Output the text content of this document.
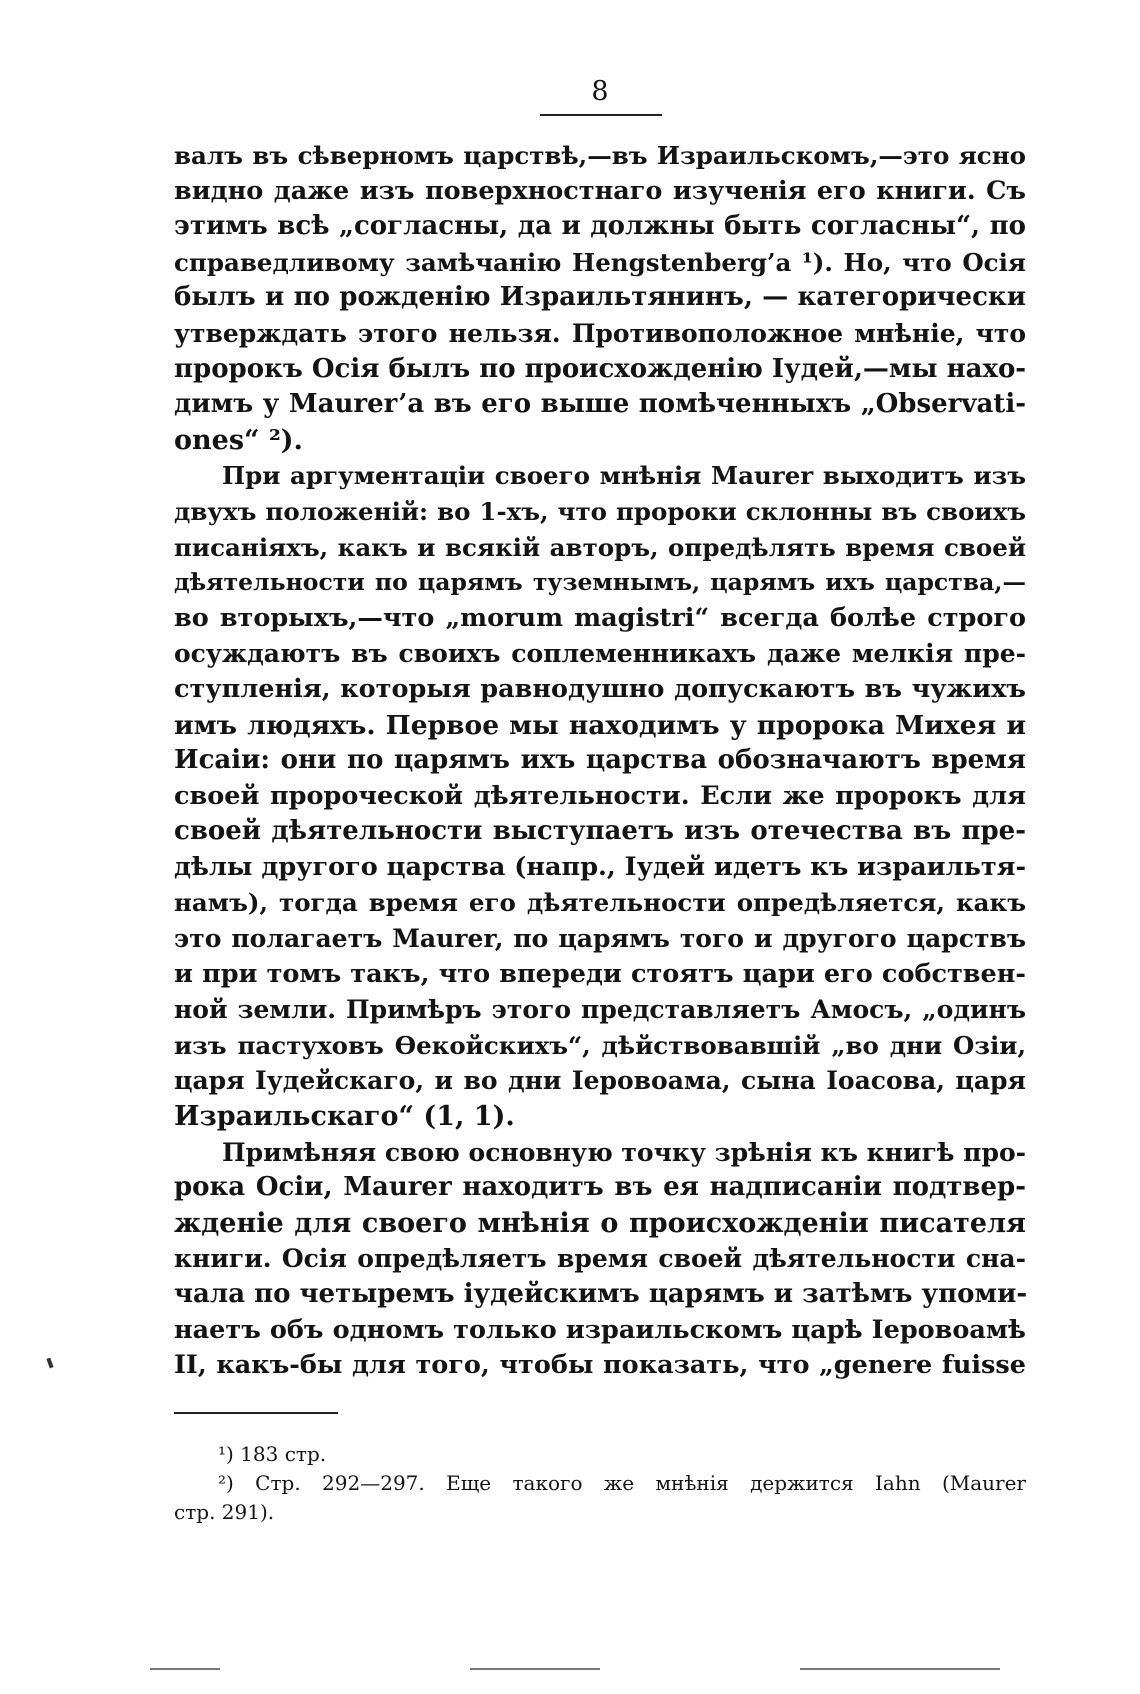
8
валъ въ сѣверномъ царствѣ,—въ Израильскомъ,—это ясно
видно даже изъ поверхностнаго изученія его книги. Съ
этимъ всѣ „согласны, да и должны быть согласны“, по
справедливому замѣчанію Hengstenberg’a ¹). Но, что Осія
былъ и по рожденію Израильтянинъ, — категорически
утверждать этого нельзя. Противоположное мнѣніе, что
пророкъ Осія былъ по происхожденію Іудей,—мы нахо-
димъ у Maurer’a въ его выше помѣченныхъ „Observati-
ones“ ²).
При аргументаціи своего мнѣнія Maurer выходитъ изъ
двухъ положеній: во 1-хъ, что пророки склонны въ своихъ
писаніяхъ, какъ и всякій авторъ, опредѣлять время своей
дѣятельности по царямъ туземнымъ, царямъ ихъ царства,—
во вторыхъ,—что „morum magistri“ всегда болѣе строго
осуждаютъ въ своихъ соплеменникахъ даже мелкія пре-
ступленія, которыя равнодушно допускаютъ въ чужихъ
имъ людяхъ. Первое мы находимъ у пророка Михея и
Исаіи: они по царямъ ихъ царства обозначаютъ время
своей пророческой дѣятельности. Если же пророкъ для
своей дѣятельности выступаетъ изъ отечества въ пре-
дѣлы другого царства (напр., Іудей идетъ къ израильтя-
намъ), тогда время его дѣятельности опредѣляется, какъ
это полагаетъ Maurer, по царямъ того и другого царствъ
и при томъ такъ, что впереди стоятъ цари его собствен-
ной земли. Примѣръ этого представляетъ Амосъ, „одинъ
изъ пастуховъ Ѳекойскихъ“, дѣйствовавшій „во дни Озіи,
царя Іудейскаго, и во дни Іеровоама, сына Іоасова, царя
Израильскаго“ (1, 1).
Примѣняя свою основную точку зрѣнія къ книгѣ про-
рока Осіи, Maurer находитъ въ ея надписаніи подтвер-
жденіе для своего мнѣнія о происхожденіи писателя
книги. Осія опредѣляетъ время своей дѣятельности сна-
чала по четыремъ іудейскимъ царямъ и затѣмъ упоми-
наетъ объ одномъ только израильскомъ царѣ Іеровоамѣ
II, какъ-бы для того, чтобы показать, что „genere fuisse
¹) 183 стр.
²) Стр. 292—297. Еще такого же мнѣнія держится Iahn (Maurer
стр. 291).
